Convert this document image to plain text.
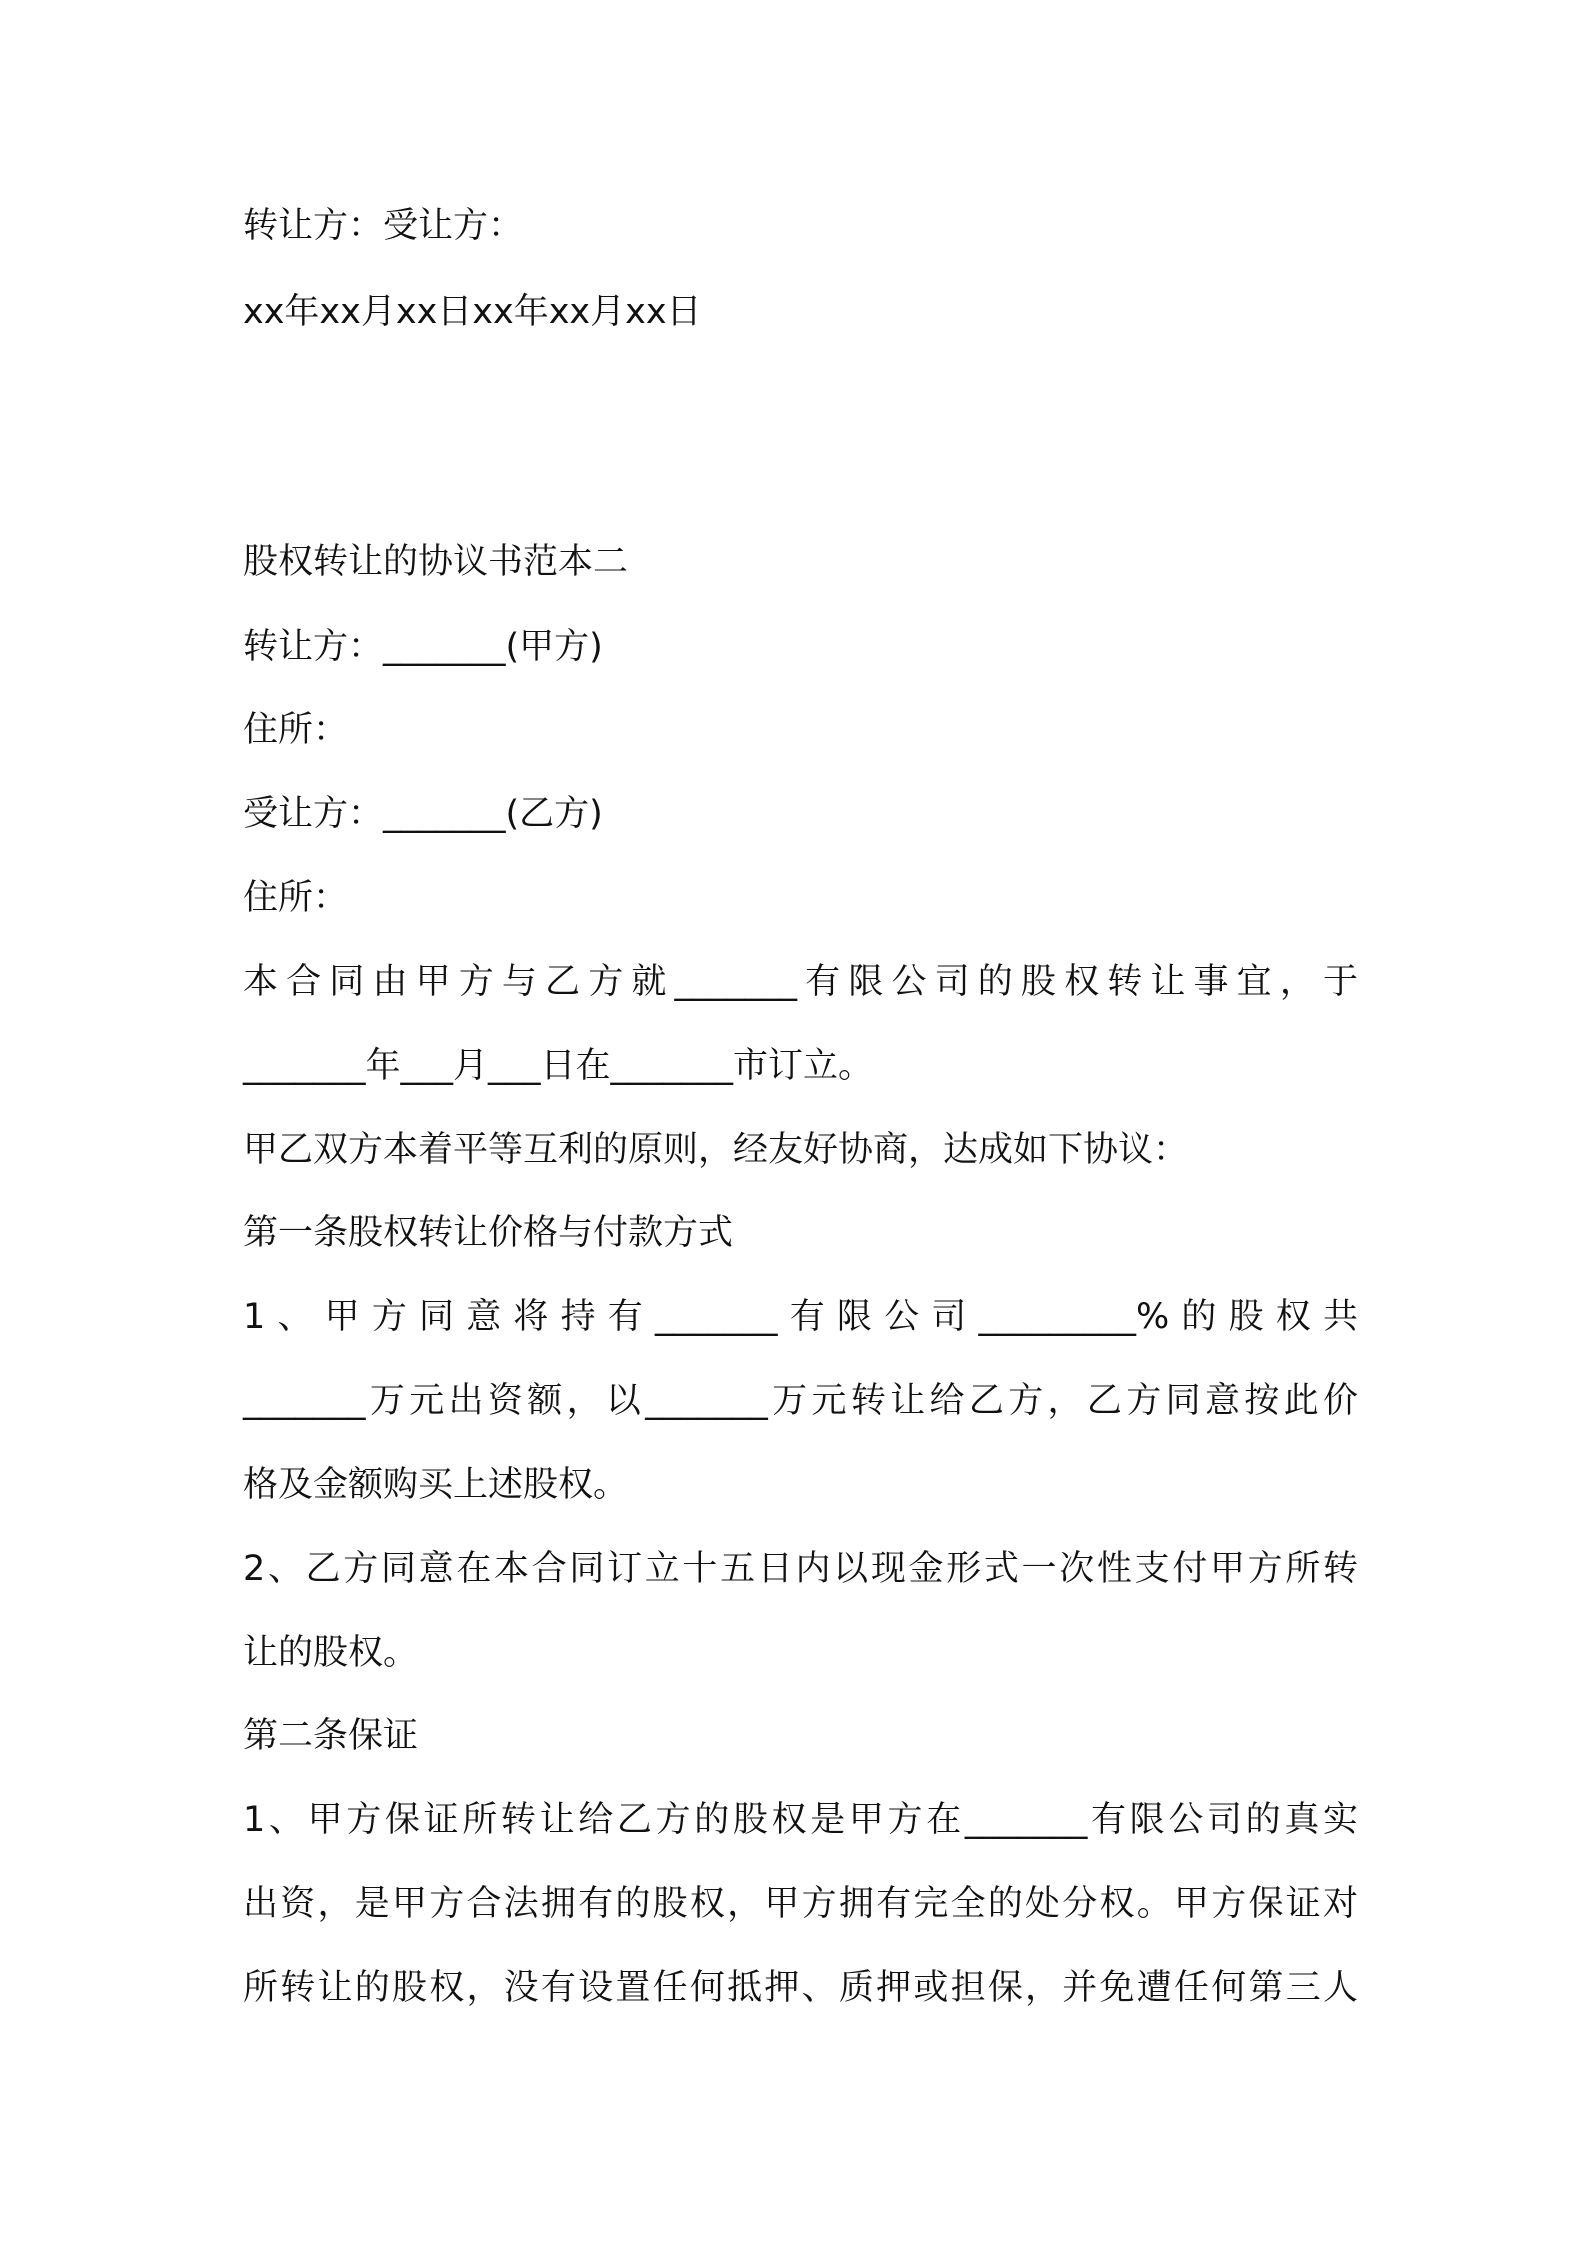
转让方：受让方：

xx年xx月xx日xx年xx月xx日

股权转让的协议书范本二

转让方：_______(甲方)

住所：

受让方：_______(乙方)

住所：

本合同由甲方与乙方就_______有限公司的股权转让事宜，于

_______年___月___日在_______市订立。

甲乙双方本着平等互利的原则，经友好协商，达成如下协议：

第一条股权转让价格与付款方式

1、甲方同意将持有_______有限公司_________%的股权共

_______万元出资额，以_______万元转让给乙方，乙方同意按此价

格及金额购买上述股权。

2、乙方同意在本合同订立十五日内以现金形式一次性支付甲方所转

让的股权。

第二条保证

1、甲方保证所转让给乙方的股权是甲方在_______有限公司的真实

出资，是甲方合法拥有的股权，甲方拥有完全的处分权。甲方保证对

所转让的股权，没有设置任何抵押、质押或担保，并免遭任何第三人
